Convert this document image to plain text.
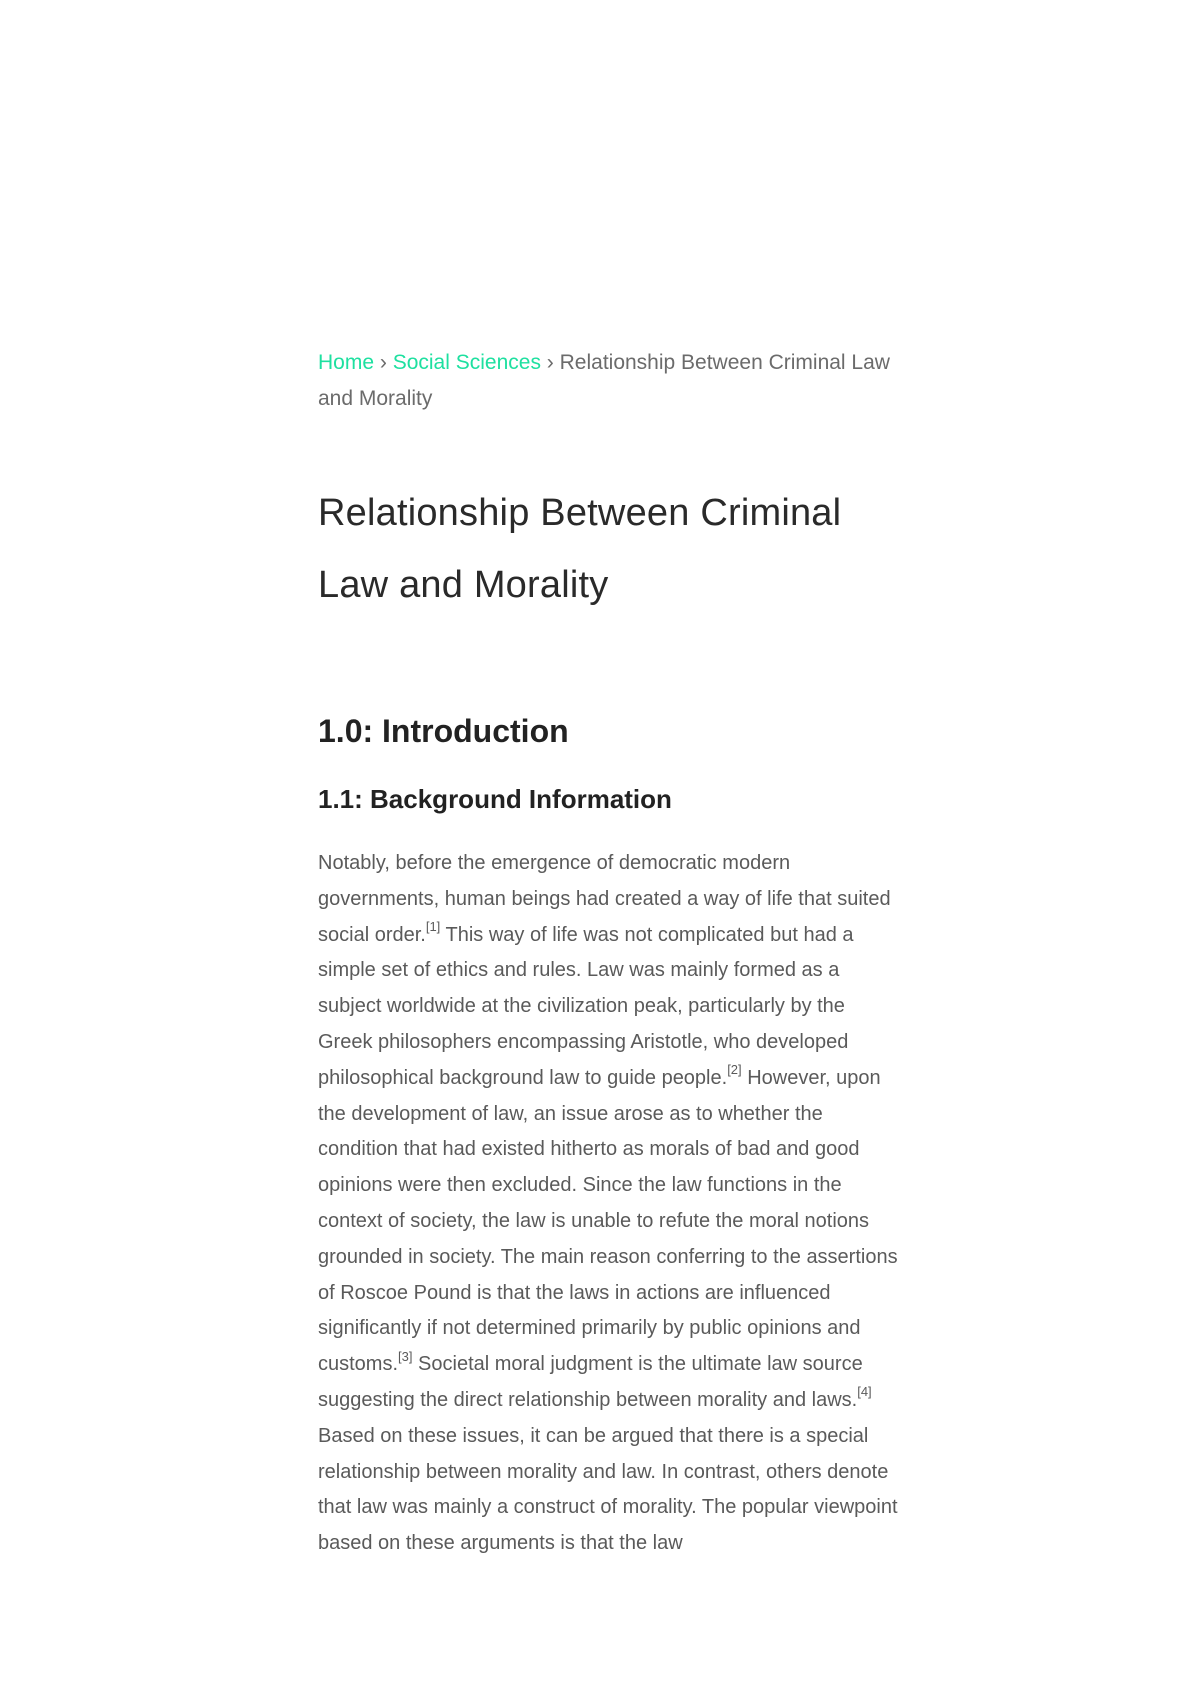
Home › Social Sciences › Relationship Between Criminal Law and Morality
Relationship Between Criminal Law and Morality
1.0: Introduction
1.1: Background Information

Notably, before the emergence of democratic modern governments, human beings had created a way of life that suited social order.[1] This way of life was not complicated but had a simple set of ethics and rules. Law was mainly formed as a subject worldwide at the civilization peak, particularly by the Greek philosophers encompassing Aristotle, who developed philosophical background law to guide people.[2] However, upon the development of law, an issue arose as to whether the condition that had existed hitherto as morals of bad and good opinions were then excluded. Since the law functions in the context of society, the law is unable to refute the moral notions grounded in society. The main reason conferring to the assertions of Roscoe Pound is that the laws in actions are influenced significantly if not determined primarily by public opinions and customs.[3] Societal moral judgment is the ultimate law source suggesting the direct relationship between morality and laws.[4] Based on these issues, it can be argued that there is a special relationship between morality and law. In contrast, others denote that law was mainly a construct of morality. The popular viewpoint based on these arguments is that the law
